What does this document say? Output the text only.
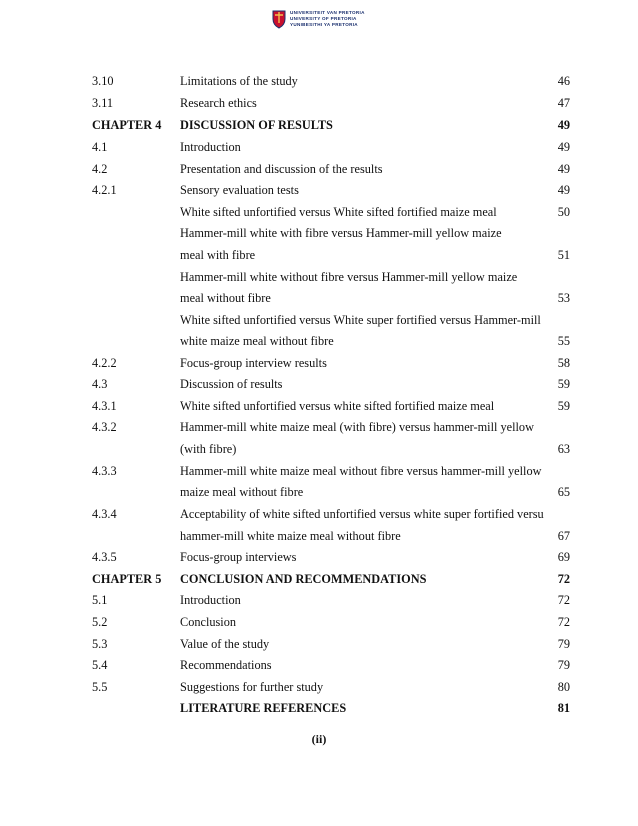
UNIVERSITEIT VAN PRETORIA
UNIVERSITY OF PRETORIA
YUNIBESITHI YA PRETORIA
3.10	Limitations of the study	46
3.11	Research ethics	47
CHAPTER 4 DISCUSSION OF RESULTS	49
4.1	Introduction	49
4.2	Presentation and discussion of the results	49
4.2.1	Sensory evaluation tests	49
White sifted unfortified versus White sifted fortified maize meal	50
Hammer-mill white with fibre versus Hammer-mill yellow maize
meal with fibre	51
Hammer-mill white without fibre versus Hammer-mill yellow maize
meal without fibre	53
White sifted unfortified versus White super fortified versus Hammer-mill
white maize meal without fibre	55
4.2.2	Focus-group interview results	58
4.3	Discussion of results	59
4.3.1	White sifted unfortified versus white sifted fortified maize meal	59
4.3.2	Hammer-mill white maize meal (with fibre) versus hammer-mill yellow
(with fibre)	63
4.3.3	Hammer-mill white maize meal without fibre versus hammer-mill yellow
maize meal without fibre	65
4.3.4	Acceptability of white sifted unfortified versus white super fortified versu
hammer-mill white maize meal without fibre	67
4.3.5	Focus-group interviews	69
CHAPTER 5 CONCLUSION AND RECOMMENDATIONS	72
5.1	Introduction	72
5.2	Conclusion	72
5.3	Value of the study	79
5.4	Recommendations	79
5.5	Suggestions for further study	80
LITERATURE REFERENCES	81
(ii)
